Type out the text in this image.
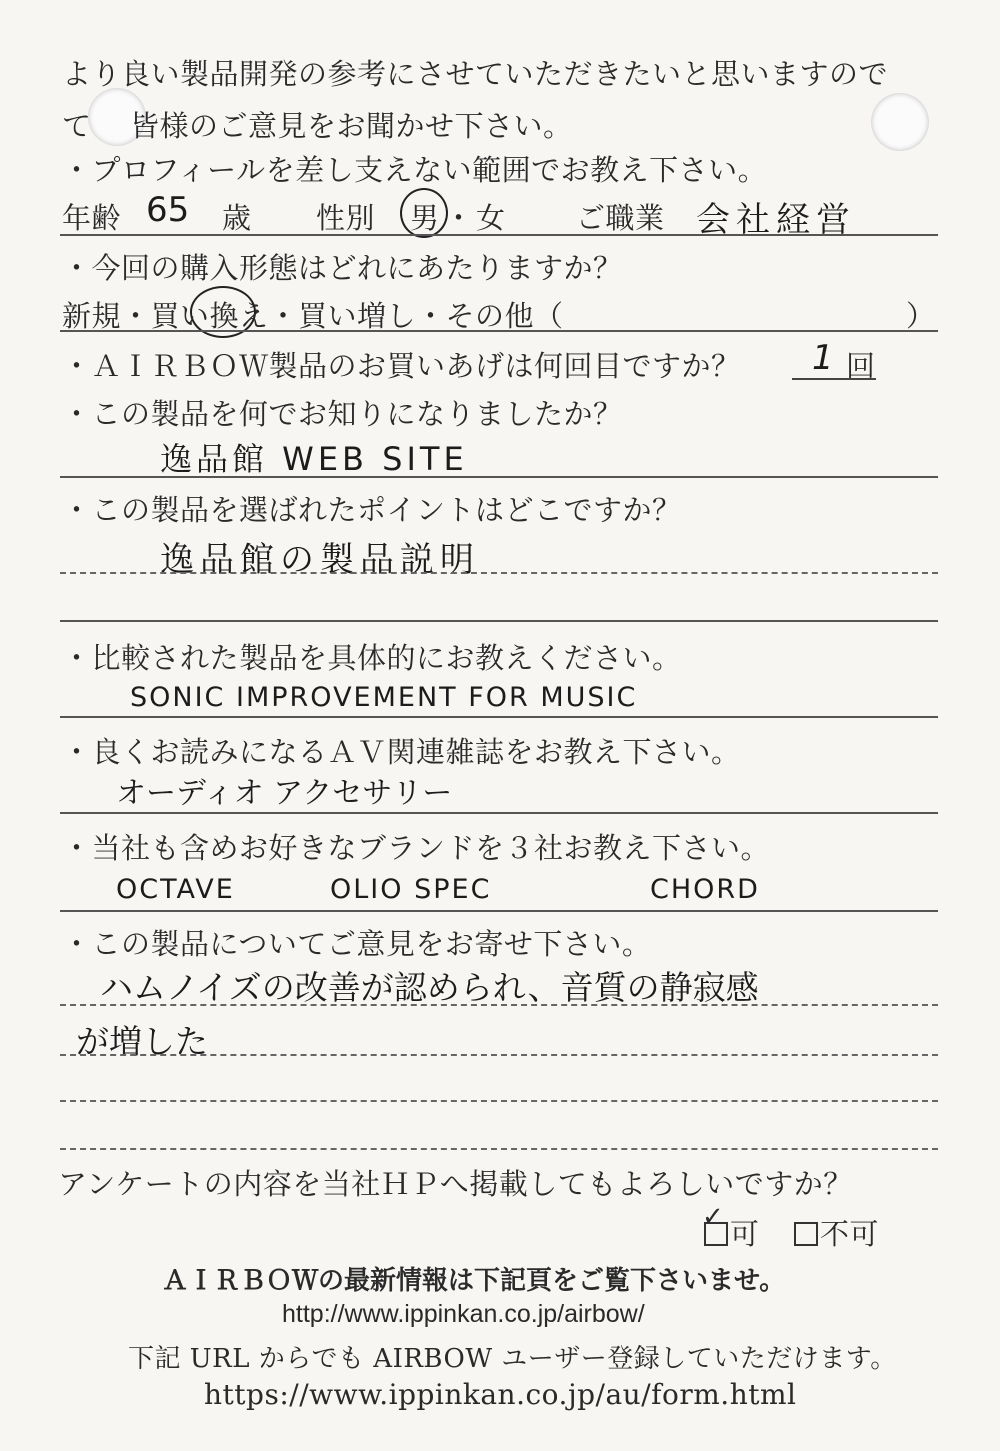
より良い製品開発の参考にさせていただきたいと思いますので
て 皆様のご意見をお聞かせ下さい。
・プロフィールを差し支えない範囲でお教え下さい。
年齢 65 歳 性別 男 ・ 女 ご職業 会社経営
・今回の購入形態はどれにあたりますか？
新規・買い換え・買い増し・その他（	）
・ＡＩＲＢＯＷ製品のお買いあげは何回目ですか？ 1 回
・この製品を何でお知りになりましたか？
逸品館 WEB SITE
・この製品を選ばれたポイントはどこですか？
逸品館の製品説明
・比較された製品を具体的にお教えください。
SONIC IMPROVEMENT FOR MUSIC
・良くお読みになるＡＶ関連雑誌をお教え下さい。
オーディオ アクセサリー
・当社も含めお好きなブランドを３社お教え下さい。
OCTAVE	OLIO SPEC	CHORD
・この製品についてご意見をお寄せ下さい。
ハムノイズの改善が認められ、音質の静寂感
が増した
アンケートの内容を当社ＨＰへ掲載してもよろしいですか？
可
✓	不可
ＡＩＲＢＯＷの最新情報は下記頁をご覧下さいませ。
http://www.ippinkan.co.jp/airbow/
下記 URL からでも AIRBOW ユーザー登録していただけます。
https://www.ippinkan.co.jp/au/form.html
